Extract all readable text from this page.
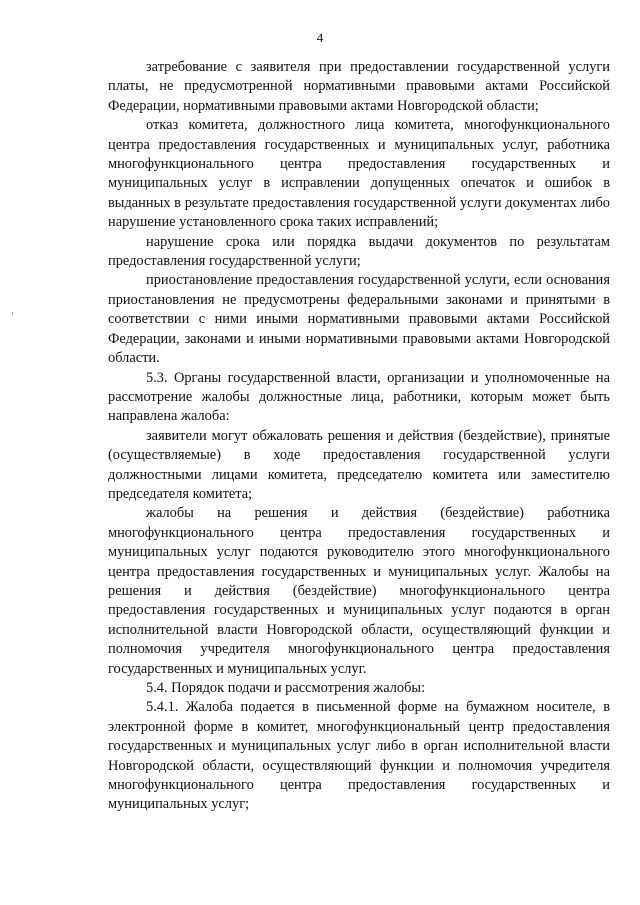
4

затребование с заявителя при предоставлении государственной услуги платы, не предусмотренной нормативными правовыми актами Российской Федерации, нормативными правовыми актами Новгородской области;

отказ комитета, должностного лица комитета, многофункционального центра предоставления государственных и муниципальных услуг, работника многофункционального центра предоставления государственных и муниципальных услуг в исправлении допущенных опечаток и ошибок в выданных в результате предоставления государственной услуги документах либо нарушение установленного срока таких исправлений;

нарушение срока или порядка выдачи документов по результатам предоставления государственной услуги;

приостановление предоставления государственной услуги, если основания приостановления не предусмотрены федеральными законами и принятыми в соответствии с ними иными нормативными правовыми актами Российской Федерации, законами и иными нормативными правовыми актами Новгородской области.

5.3. Органы государственной власти, организации и уполномоченные на рассмотрение жалобы должностные лица, работники, которым может быть направлена жалоба:

заявители могут обжаловать решения и действия (бездействие), принятые (осуществляемые) в ходе предоставления государственной услуги должностными лицами комитета, председателю комитета или заместителю председателя комитета;

жалобы на решения и действия (бездействие) работника многофункционального центра предоставления государственных и муниципальных услуг подаются руководителю этого многофункционального центра предоставления государственных и муниципальных услуг. Жалобы на решения и действия (бездействие) многофункционального центра предоставления государственных и муниципальных услуг подаются в орган исполнительной власти Новгородской области, осуществляющий функции и полномочия учредителя многофункционального центра предоставления государственных и муниципальных услуг.

5.4. Порядок подачи и рассмотрения жалобы:

5.4.1. Жалоба подается в письменной форме на бумажном носителе, в электронной форме в комитет, многофункциональный центр предоставления государственных и муниципальных услуг либо в орган исполнительной власти Новгородской области, осуществляющий функции и полномочия учредителя многофункционального центра предоставления государственных и муниципальных услуг;
